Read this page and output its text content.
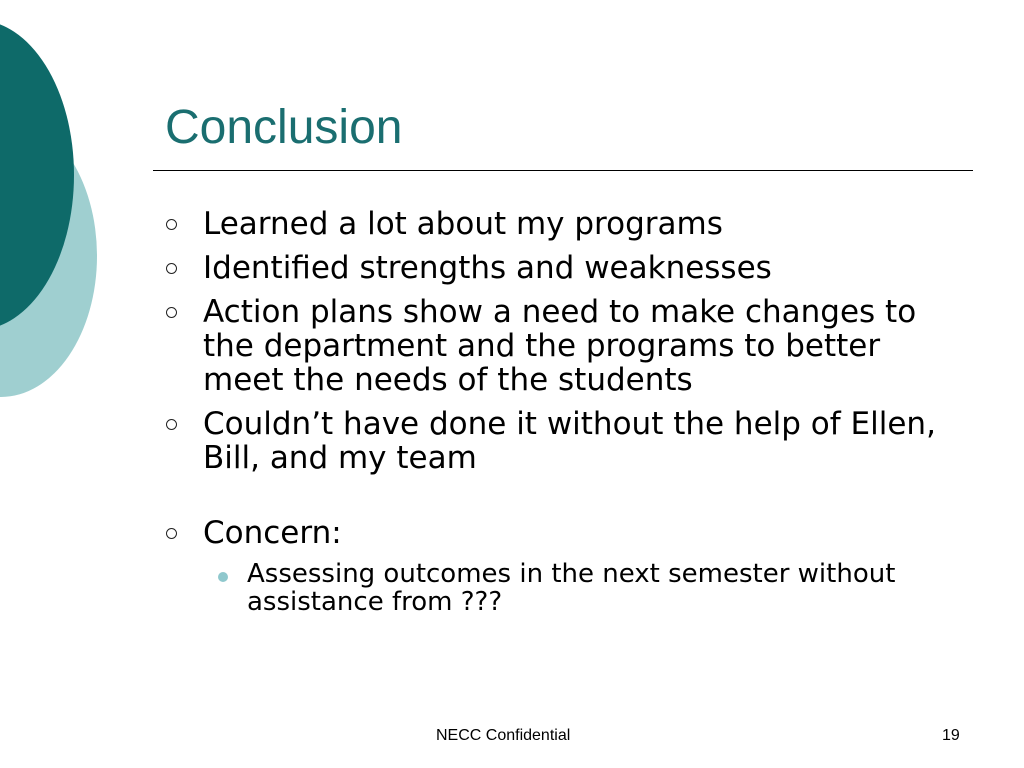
Conclusion
Learned a lot about my programs
Identified strengths and weaknesses
Action plans show a need to make changes to the department and the programs to better meet the needs of the students
Couldn’t have done it without the help of Ellen, Bill, and my team
Concern:
Assessing outcomes in the next semester without assistance from ???
NECC Confidential	19
